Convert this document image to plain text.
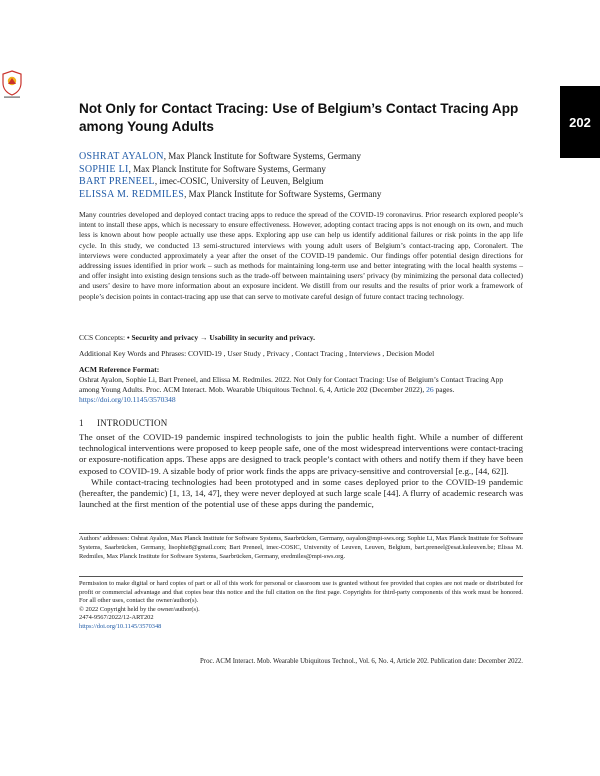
202
Not Only for Contact Tracing: Use of Belgium’s Contact Tracing App among Young Adults
OSHRAT AYALON, Max Planck Institute for Software Systems, Germany
SOPHIE LI, Max Planck Institute for Software Systems, Germany
BART PRENEEL, imec-COSIC, University of Leuven, Belgium
ELISSA M. REDMILES, Max Planck Institute for Software Systems, Germany
Many countries developed and deployed contact tracing apps to reduce the spread of the COVID-19 coronavirus. Prior research explored people’s intent to install these apps, which is necessary to ensure effectiveness. However, adopting contact tracing apps is not enough on its own, and much less is known about how people actually use these apps. Exploring app use can help us identify additional failures or risk points in the app life cycle. In this study, we conducted 13 semi-structured interviews with young adult users of Belgium’s contact-tracing app, Coronalert. The interviews were conducted approximately a year after the onset of the COVID-19 pandemic. Our findings offer potential design directions for addressing issues identified in prior work – such as methods for maintaining long-term use and better integrating with the local health systems – and offer insight into existing design tensions such as the trade-off between maintaining users’ privacy (by minimizing the personal data collected) and users’ desire to have more information about an exposure incident. We distill from our results and the results of prior work a framework of people’s decision points in contact-tracing app use that can serve to motivate careful design of future contact tracing technology.
CCS Concepts: • Security and privacy → Usability in security and privacy.
Additional Key Words and Phrases: COVID-19 , User Study , Privacy , Contact Tracing , Interviews , Decision Model
ACM Reference Format:
Oshrat Ayalon, Sophie Li, Bart Preneel, and Elissa M. Redmiles. 2022. Not Only for Contact Tracing: Use of Belgium’s Contact Tracing App among Young Adults. Proc. ACM Interact. Mob. Wearable Ubiquitous Technol. 6, 4, Article 202 (December 2022), 26 pages. https://doi.org/10.1145/3570348
1 INTRODUCTION

The onset of the COVID-19 pandemic inspired technologists to join the public health fight. While a number of different technological interventions were proposed to keep people safe, one of the most widespread interventions were contact-tracing or exposure-notification apps. These apps are designed to track people’s contact with others and notify them if they have been exposed to COVID-19. A sizable body of prior work finds the apps are privacy-sensitive and controversial [e.g., [44, 62]].

While contact-tracing technologies had been prototyped and in some cases deployed prior to the COVID-19 pandemic (hereafter, the pandemic) [1, 13, 14, 47], they were never deployed at such large scale [44]. A flurry of academic research was launched at the first mention of the potential use of these apps during the pandemic,

Authors’ addresses: Oshrat Ayalon, Max Planck Institute for Software Systems, Saarbrücken, Germany, oayalon@mpi-sws.org; Sophie Li, Max Planck Institute for Software Systems, Saarbrücken, Germany, lisophie8@gmail.com; Bart Preneel, imec-COSIC, University of Leuven, Leuven, Belgium, bart.preneel@esat.kuleuven.be; Elissa M. Redmiles, Max Planck Institute for Software Systems, Saarbrücken, Germany, eredmiles@mpi-sws.org.
Permission to make digital or hard copies of part or all of this work for personal or classroom use is granted without fee provided that copies are not made or distributed for profit or commercial advantage and that copies bear this notice and the full citation on the first page. Copyrights for third-party components of this work must be honored. For all other uses, contact the owner/author(s).
© 2022 Copyright held by the owner/author(s).
2474-9567/2022/12-ART202
https://doi.org/10.1145/3570348
Proc. ACM Interact. Mob. Wearable Ubiquitous Technol., Vol. 6, No. 4, Article 202. Publication date: December 2022.
